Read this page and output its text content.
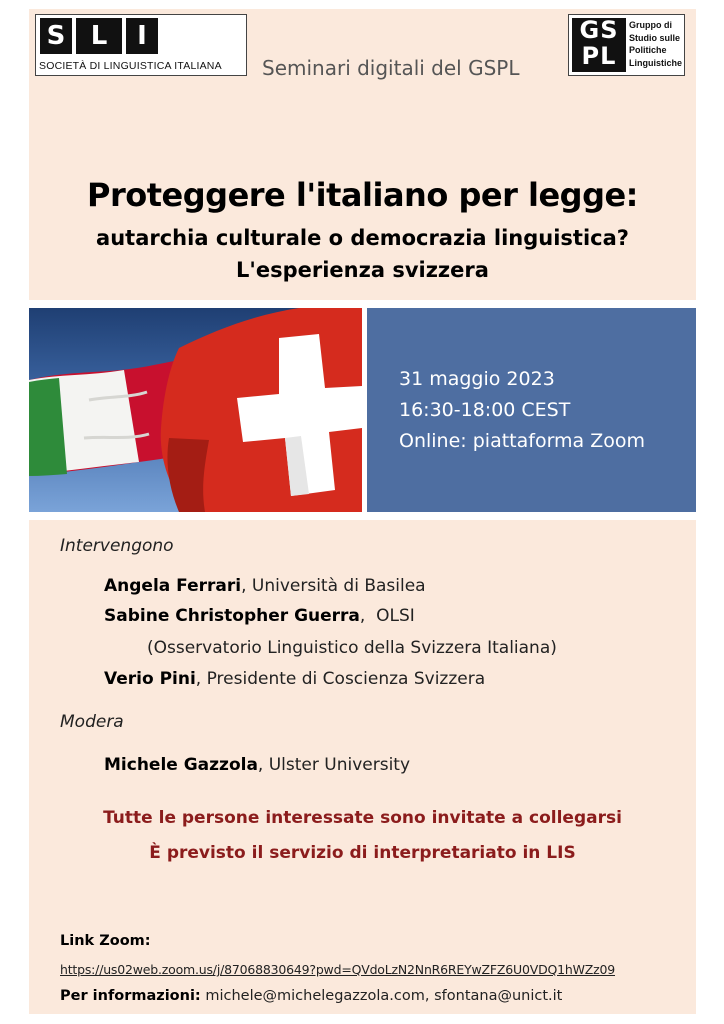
S L	I
SOCIETÀ DI LINGUISTICA ITALIANA	Seminari digitali del GSPL
GS
PL
Gruppo di
Studio sulle
Politiche
Linguistiche
Proteggere l'italiano per legge:
autarchia culturale o democrazia linguistica?
L'esperienza svizzera
31 maggio 2023
16:30-18:00 CEST
Online: piattaforma Zoom
Intervengono
Angela Ferrari, Università di Basilea
Sabine Christopher Guerra,  OLSI
(Osservatorio Linguistico della Svizzera Italiana)
Verio Pini, Presidente di Coscienza Svizzera
Modera
Michele Gazzola, Ulster University
Tutte le persone interessate sono invitate a collegarsi
È previsto il servizio di interpretariato in LIS
Link Zoom:
https://us02web.zoom.us/j/87068830649?pwd=QVdoLzN2NnR6REYwZFZ6U0VDQ1hWZz09
Per informazioni: michele@michelegazzola.com, sfontana@unict.it
